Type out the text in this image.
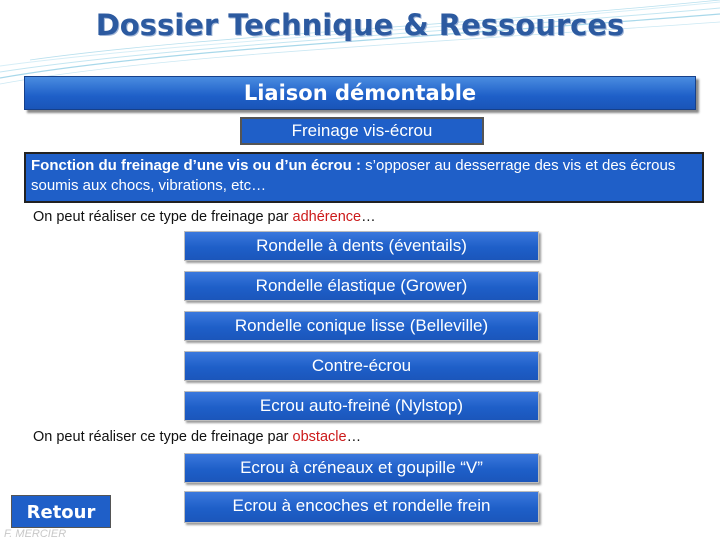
Dossier Technique & Ressources
Liaison démontable
Freinage vis-écrou
Fonction du freinage d’une vis ou d’un écrou : s’opposer au desserrage des vis et des écrous soumis aux chocs, vibrations, etc…
On peut réaliser ce type de freinage par adhérence…
Rondelle à dents (éventails)
Rondelle élastique (Grower)
Rondelle conique lisse (Belleville)
Contre-écrou
Ecrou auto-freiné (Nylstop)
On peut réaliser ce type de freinage par obstacle…
Ecrou à créneaux et goupille “V”
Ecrou à encoches et rondelle frein
Retour
F. MERCIER
